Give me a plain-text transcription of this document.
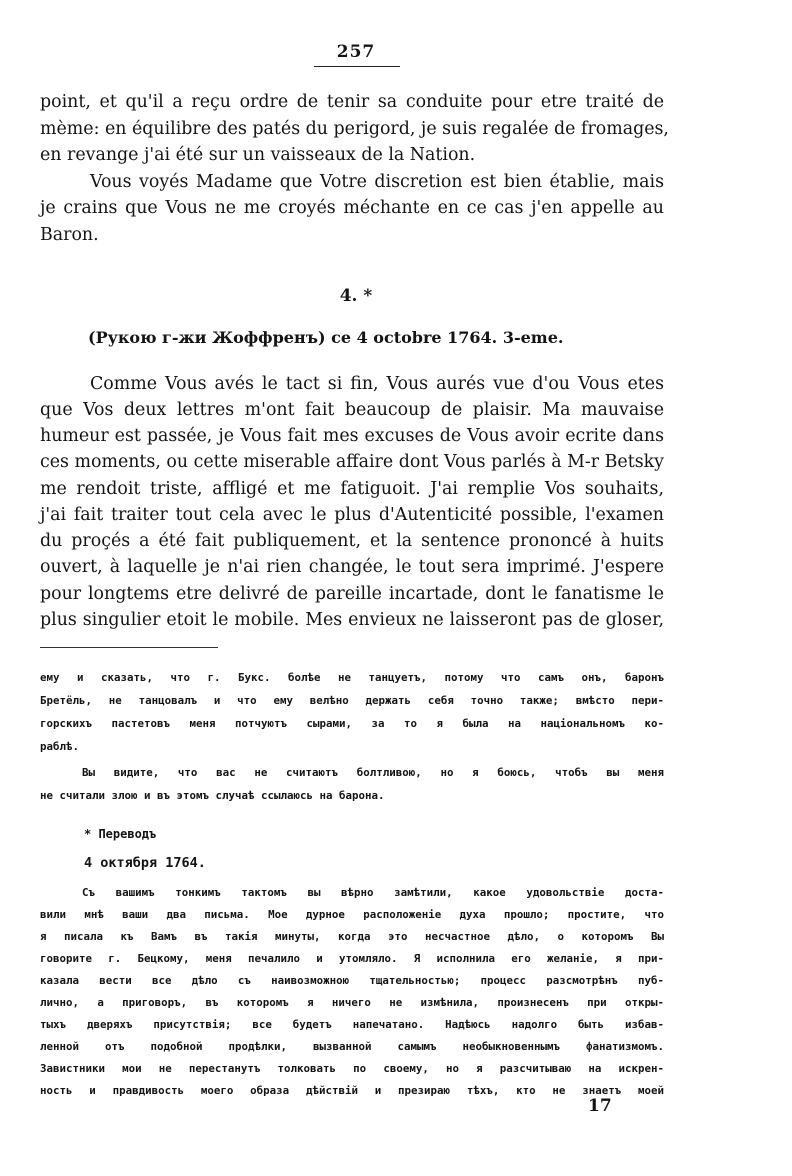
257
point, et qu'il a reçu ordre de tenir sa conduite pour etre traité de
mème: en équilibre des patés du perigord, je suis regalée de fromages,
en revange j'ai été sur un vaisseaux de la Nation.
Vous voyés Madame que Votre discretion est bien établie, mais
je crains que Vous ne me croyés méchante en ce cas j'en appelle au
Baron.
4. *
(Рукою г-жи Жоффренъ) ce 4 octobre 1764. 3-eme.
Comme Vous avés le tact si fin, Vous aurés vue d'ou Vous etes
que Vos deux lettres m'ont fait beaucoup de plaisir. Ma mauvaise
humeur est passée, je Vous fait mes excuses de Vous avoir ecrite dans
ces moments, ou cette miserable affaire dont Vous parlés à M-r Betsky
me rendoit triste, affligé et me fatiguoit. J'ai remplie Vos souhaits,
j'ai fait traiter tout cela avec le plus d'Autenticité possible, l'examen
du proçés a été fait publiquement, et la sentence prononcé à huits
ouvert, à laquelle je n'ai rien changée, le tout sera imprimé. J'espere
pour longtems etre delivré de pareille incartade, dont le fanatisme le
plus singulier etoit le mobile. Mes envieux ne laisseront pas de gloser,
ему и сказать, что г. Букс. болѣе не танцуетъ, потому что самъ онъ, баронъ
Бретёль, не танцовалъ и что ему велѣно держать себя точно также; вмѣсто пери-
горскихъ пастетовъ меня потчуютъ сырами, за то я была на національномъ ко-
раблѣ.
Вы видите, что вас не считаютъ болтливою, но я боюсь, чтобъ вы меня
не считали злою и въ этомъ случаѣ ссылаюсь на барона.
* Переводъ
4 октября 1764.
Съ вашимъ тонкимъ тактомъ вы вѣрно замѣтили, какое удовольствіе доста-
вили мнѣ ваши два письма. Мое дурное расположеніе духа прошло; простите, что
я писала къ Вамъ въ такія минуты, когда это несчастное дѣло, о которомъ Вы
говорите г. Бецкому, меня печалило и утомляло. Я исполнила его желаніе, я при-
казала вести все дѣло съ наивозможною тщательностью; процесс разсмотрѣнъ пуб-
лично, а приговоръ, въ которомъ я ничего не измѣнила, произнесенъ при откры-
тыхъ дверяхъ присутствія; все будетъ напечатано. Надѣюсь надолго быть избав-
ленной отъ подобной продѣлки, вызванной самымъ необыкновеннымъ фанатизмомъ.
Завистники мои не перестанутъ толковать по своему, но я разсчитываю на искрен-
ность и правдивость моего образа дѣйствій и презираю тѣхъ, кто не знаетъ моей
17
